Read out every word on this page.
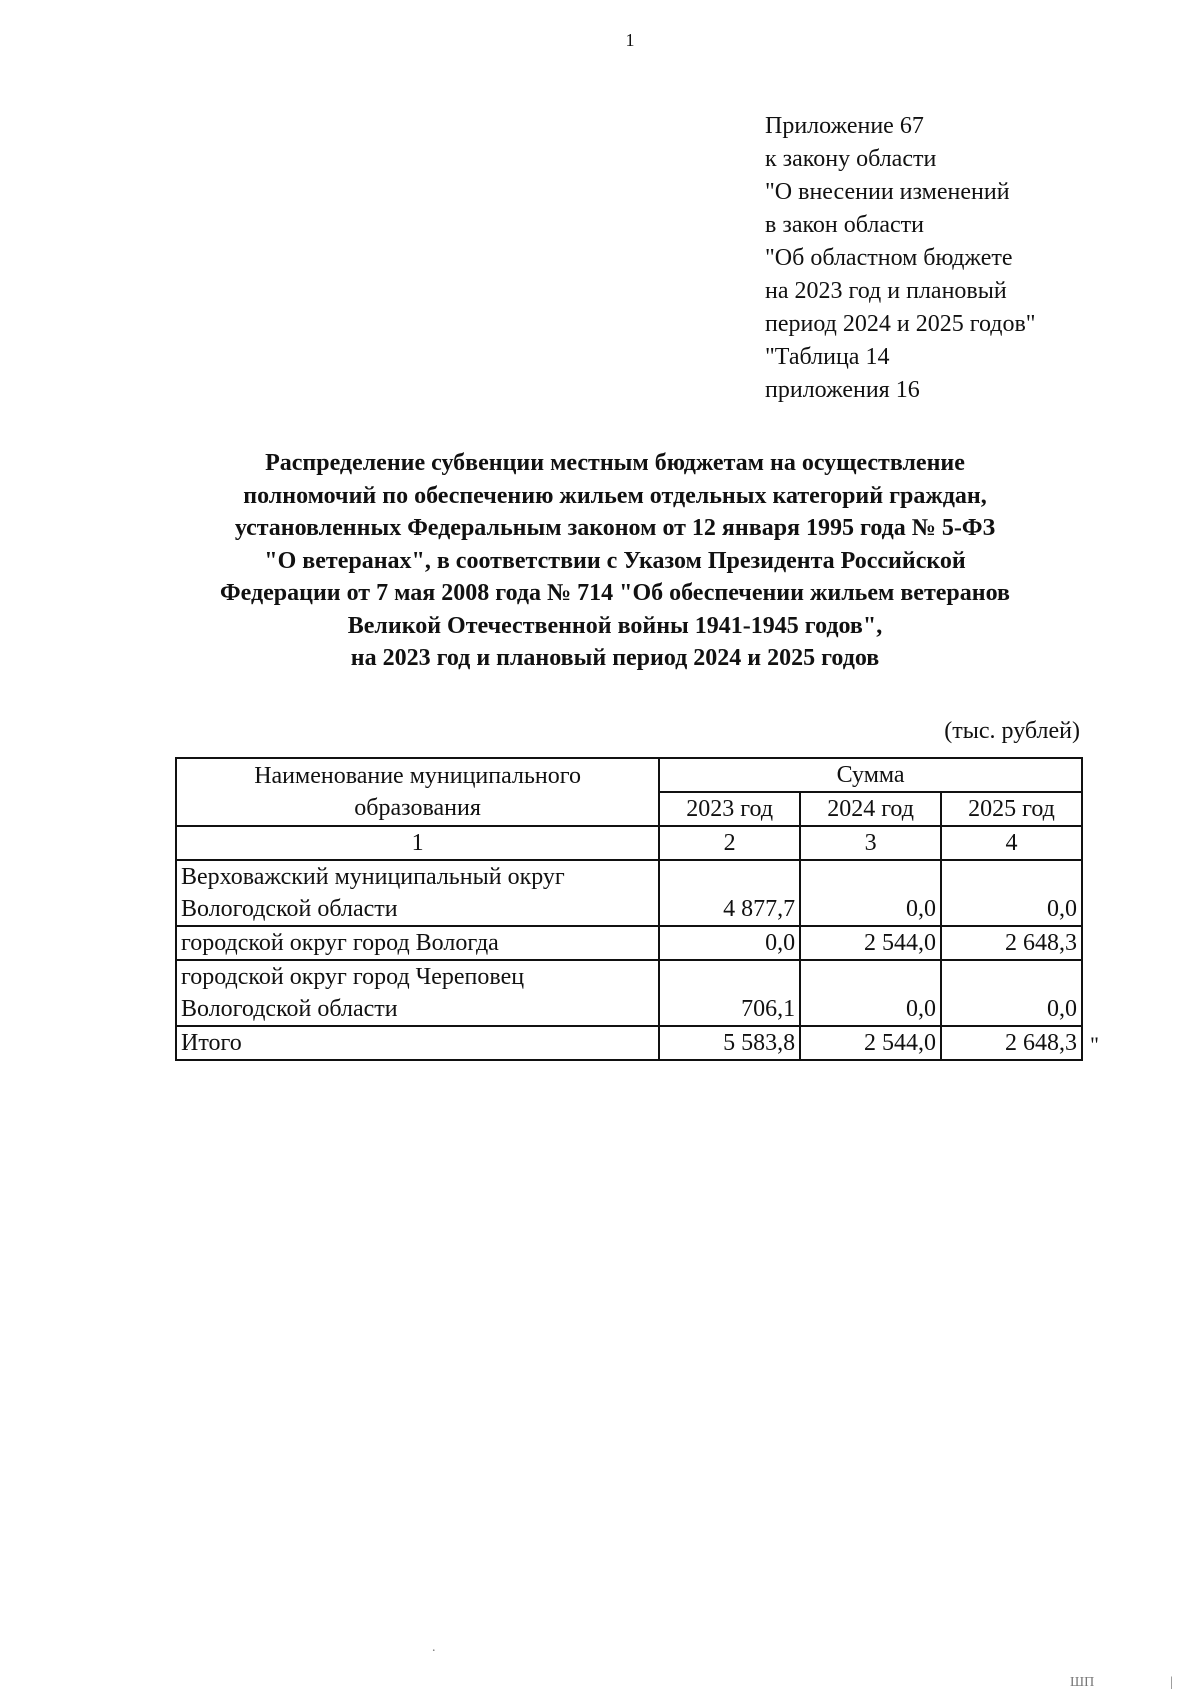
1
Приложение 67
к закону области
"О внесении изменений
в закон области
"Об областном бюджете
на 2023 год и плановый
период 2024 и 2025 годов"
"Таблица 14
приложения 16
Распределение субвенции местным бюджетам на осуществление
полномочий по обеспечению жильем отдельных категорий граждан,
установленных Федеральным законом от 12 января 1995 года № 5-ФЗ
"О ветеранах", в соответствии с Указом Президента Российской
Федерации от 7 мая 2008 года № 714 "Об обеспечении жильем ветеранов
Великой Отечественной войны 1941-1945 годов",
на 2023 год и плановый период 2024 и 2025 годов
(тыс. рублей)
Наименование муниципального
образования	Сумма		
	2023 год	2024 год	2025 год
1	2	3	4
Верховажский муниципальный округ
Вологодской области	4 877,7	0,0	0,0
городской округ город Вологда	0,0	2 544,0	2 648,3
городской округ город Череповец
Вологодской области	706,1	0,0	0,0
Итого	5 583,8	2 544,0	2 648,3 "
.
ШП	|
